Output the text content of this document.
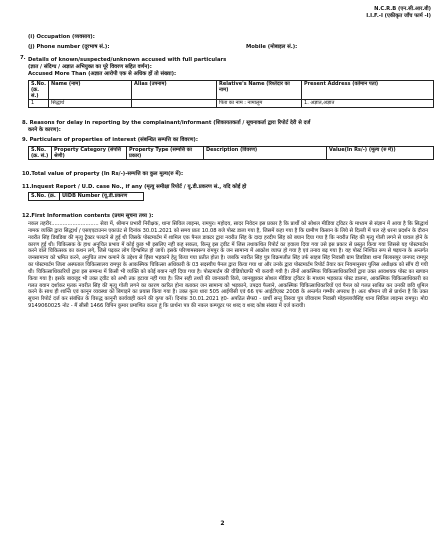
N.C.R.B (एन.सी.आर.बी)
I.I.F.-I (एकीकृत जाँच फार्म -I)
(i) Occupation (व्यवसाय):
(j) Phone number (दूरभाष सं.):	Mobile (मोबाइल सं.):
7. Details of known/suspected/unknown accused with full particulars
(ज्ञात / संदिग्ध / अज्ञात अभियुक्त का पूरे विवरण सहित वर्णन):
Accused More Than (अज्ञात आरोपी एक से अधिक हों तो संख्या):
S.No.(क्र. सं.)	Name (नाम)	Alias (उपनाम)	Relative's Name (रिश्तेदार का नाम)	Present Address (वर्तमान पता)
1	सिद्धार्थ		पिता का नाम : नामालूम	1. अज्ञात,अज्ञात
8. Reasons for delay in reporting by the complainant/informant (शिकायतकर्ता / सूचनाकर्ता द्वारा रिपोर्ट देरी से दर्ज
करने के कारण):
9. Particulars of properties of interest (संबन्धित सम्पत्ति का विवरण):
S.No. (क्र. सं.)	Property Category (संपत्ति श्रेणी)	Property Type (सम्पत्ति का प्रकार)	Description (विवरण)	Value(In Rs/-) (मूल्य (रु में))
10.Total value of property (In Rs/-)-सम्पत्ति का कुल मूल्य(रु में):
11.Inquest Report / U.D. case No., if any (मृत्यु समीक्षा रिपोर्ट / यू.डी.प्रकरण सं., यदि कोई हो
S.No. (क्र.	UIDB Number (यू.डी.प्रकरण
12.First Information contents (प्रथम सूचना तथ्य ):

नकल तहरीर............................. सेवा में, श्रीमान प्रभारी निरीक्षक, थाना सिविल लाइन्स, रामपुर। महोदय, सादर निवेदन इस प्रकार है कि प्रार्थी को सोशल मीडिया ट्विटर के माध्यम से संज्ञान में आया है कि सिद्धार्थ नामक व्यक्ति द्वारा सिद्धार्थ / एसएएटाउनन एकाउंट से दिनांक 30.01.2021 को समय प्रातः 10.08 बजे पोस्ट डाला गया है, जिसमें कहा गया है कि ग्रामीण किसान के लिये से दिल्ली में चल रहे धरना प्रदर्शन के दौरान नवरीत सिंह डिबडिबा की मृत्यु ट्रैक्टर पलटने से हुई थी जिसके पोस्टमार्टम में शामिल एक पैनल डाक्टर द्वारा नवरीत सिंह के दादा हरदीप सिंह को बयान दिया गया है कि नवरीत सिंह की मृत्यु गोली लगने से घायल होने के कारण हुई थी। चिकित्सक के हाथ अनुचित प्रभाव में कोई कुछ भी इसलिए नहीं कह सकता, किन्तु इस ट्वीट में जिस तथाकथित रिपोर्ट का हवाला दिया गया उसे इस प्रकार से प्रस्तुत किया गया जिससे यह पोस्टमार्टम करने वाले चिकित्सक का कथन लगे, जिसे पढ़कर लोग दिग्भ्रमित हो जायें। इसके परिणामस्वरूप रामपुर के जन सामान्य में आक्रोश व्याप्त हो गया है एवं तनाव बढ़ गया है। यह पोस्ट निश्चित रूप से षड़यन्त्र के अन्तर्गत जनसामान्य को भ्रमित करने, अनुचित लाभ कमाने के उद्देश्य से हिंसा भड़काने हेतु किया गया प्रतीत होता है। जबकि नवरीत सिंह पुत्र विक्रमजीत सिंह उर्फ साहब सिंह निवासी ग्राम डिबडिबा थाना बिलासपुर जनपद रामपुर का पोस्टमार्टम जिला अस्पताल चिकित्सालय रामपुर के आकस्मिक चिकित्सा अधिकारी के 03 सदस्यीय पैनल द्वारा किया गया था और उनके द्वारा पोस्टमार्टम रिपोर्ट तैयार कर नियमानुसार पुलिस अधीक्षक को सौंप दी गयी थी। चिकित्साधिकारियों द्वारा इस सम्बन्ध में किसी भी व्यक्ति को कोई बयान नहीं दिया गया है। पोस्टमार्टम की वीडियोग्राफी भी करायी गयी है। तीनों आकस्मिक चिकित्साधिकारियों द्वारा उक्त आवशयक पोस्ट का खण्डन किया गया है। इसके बावजूद भी उक्त ट्वीट को अभी तक हटाया नहीं गया है। जिन सही तथ्यों की जानकारी किये, जानबूझकर सोशल मीडिया ट्विटर के माध्यम भड़काऊ पोस्ट डालना, आकस्मिक चिकित्साधिकारी का गलत बयान दर्शाकर मृतक नवरीत सिंह की मृत्यु गोली लगने का कारण कारित होना बताकर जन सामान्य को भड़काने, उपद्रव फैलाने, आकस्मिक चिकित्साधिकारियों एवं पैनल को गलत साबित कर उनकी छवि धूमिल करने के साथ ही शान्ति एवं कानून व्यवस्था को बिगाड़ने का प्रयास किया गया है। उक्त कृत्य धारा 505 आईपीसी एवं 66 एफ आईटीएक्ट 2008 के अन्तर्गत गम्भीर अपराध है। अतः श्रीमान जी से प्रार्थना है कि उक्त सूचना रिपोर्ट दर्ज कर संबंधित के विरुद्ध कानूनी कार्यवाही करने की कृपा करें। दिनांक 30.01.2021 ह0- अपठित सैफ0 - प्रार्थी सन्तू तिरुवा पुत्र जीवाराम निवासी मोहल्लाजैसिंह थाना सिविल लाइन्स रामपुर। मो0 9149060025 नोट - मैं सीसी 1466 विपिन कुमार प्रमाणित करता हूं कि प्रार्थना पत्र की नकल कम्प्यूटर पर शब्द व शब्द कोष्ठ संख्या में दर्ज करायी।

2
